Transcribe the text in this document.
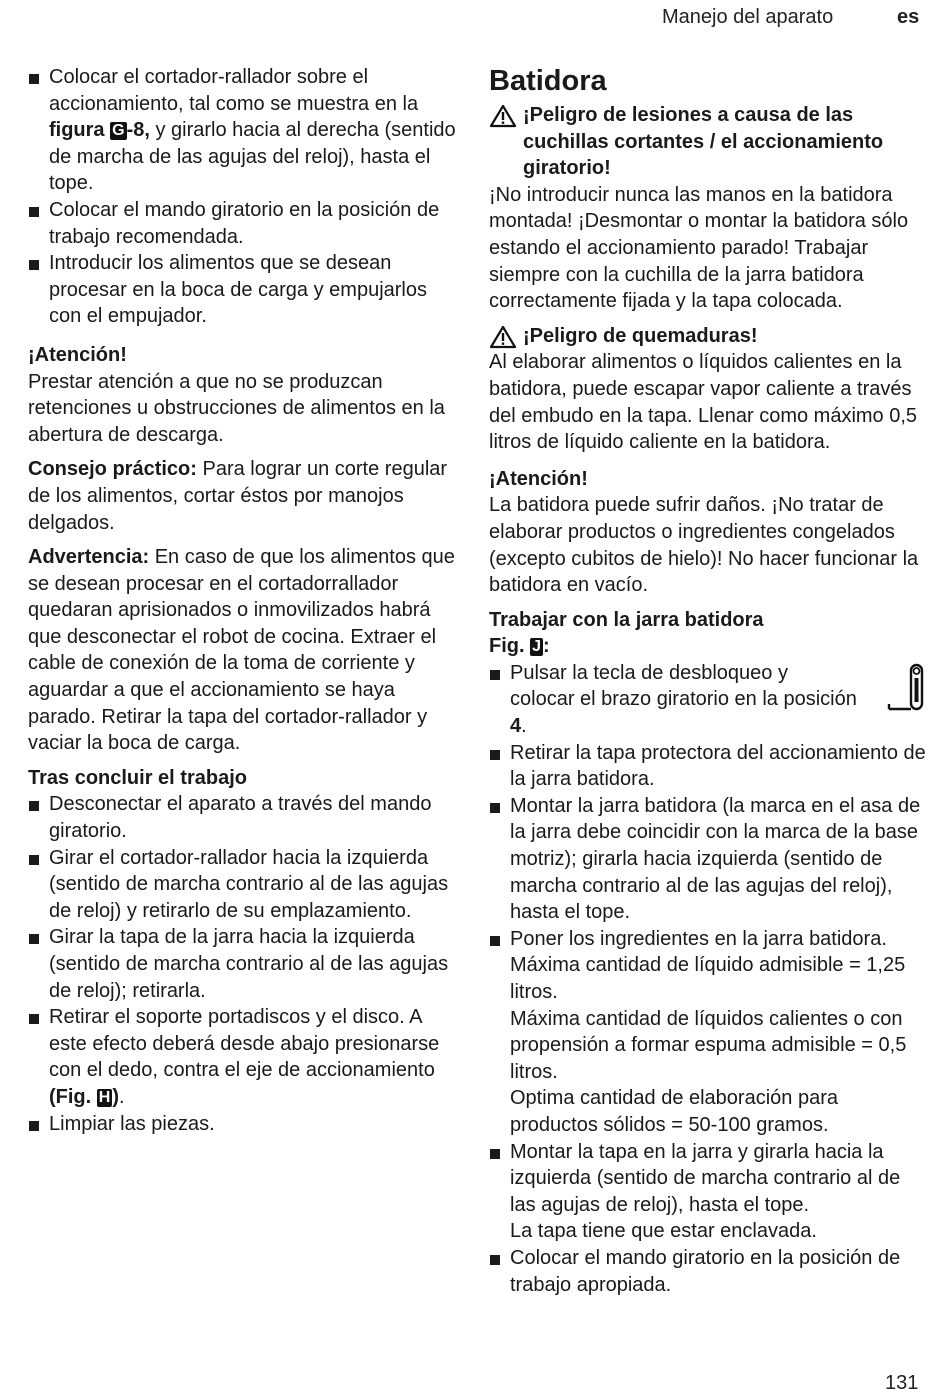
Manejo del aparato	es
Colocar el cortador-rallador sobre el accionamiento, tal como se muestra en la figura G -8, y girarlo hacia al derecha (sentido de marcha de las agujas del reloj), hasta el tope.
Colocar el mando giratorio en la posición de trabajo recomendada.
Introducir los alimentos que se desean procesar en la boca de carga y empujarlos con el empujador.

¡Atención!

Prestar atención a que no se produzcan retenciones u obstrucciones de alimentos en la abertura de descarga.

Consejo práctico: Para lograr un corte regular de los alimentos, cortar éstos por manojos delgados.

Advertencia: En caso de que los alimentos que se desean procesar en el cortadorrallador quedaran aprisionados o inmovilizados habrá que desconectar el robot de cocina. Extraer el cable de conexión de la toma de corriente y aguardar a que el accionamiento se haya parado. Retirar la tapa del cortador-rallador y vaciar la boca de carga.

Tras concluir el trabajo

Desconectar el aparato a través del mando giratorio.
Girar el cortador-rallador hacia la izquierda (sentido de marcha contrario al de las agujas de reloj) y retirarlo de su emplazamiento.
Girar la tapa de la jarra hacia la izquierda (sentido de marcha contrario al de las agujas de reloj); retirarla.
Retirar el soporte portadiscos y el disco. A este efecto deberá desde abajo presionarse con el dedo, contra el eje de accionamiento (Fig. H ).
Limpiar las piezas.
Batidora

¡Peligro de lesiones a causa de las cuchillas cortantes / el accionamiento giratorio!

¡No introducir nunca las manos en la batidora montada! ¡Desmontar o montar la batidora sólo estando el accionamiento parado! Trabajar siempre con la cuchilla de la jarra batidora correctamente fijada y la tapa colocada.

¡Peligro de quemaduras!

Al elaborar alimentos o líquidos calientes en la batidora, puede escapar vapor caliente a través del embudo en la tapa. Llenar como máximo 0,5 litros de líquido caliente en la batidora.

¡Atención!

La batidora puede sufrir daños. ¡No tratar de elaborar productos o ingredientes congelados (excepto cubitos de hielo)! No hacer funcionar la batidora en vacío.

Trabajar con la jarra batidora

Fig. J :

Pulsar la tecla de desbloqueo y colocar el brazo giratorio en la posición 4.
Retirar la tapa protectora del accionamiento de la jarra batidora.
Montar la jarra batidora (la marca en el asa de la jarra debe coincidir con la marca de la base motriz); girarla hacia izquierda (sentido de marcha contrario al de las agujas del reloj), hasta el tope.
Poner los ingredientes en la jarra batidora. Máxima cantidad de líquido admisible = 1,25 litros.
Máxima cantidad de líquidos calientes o con propensión a formar espuma admisible = 0,5 litros.
Optima cantidad de elaboración para productos sólidos = 50-100 gramos.
Montar la tapa en la jarra y girarla hacia la izquierda (sentido de marcha contrario al de las agujas de reloj), hasta el tope.
La tapa tiene que estar enclavada.
Colocar el mando giratorio en la posición de trabajo apropiada.
131
